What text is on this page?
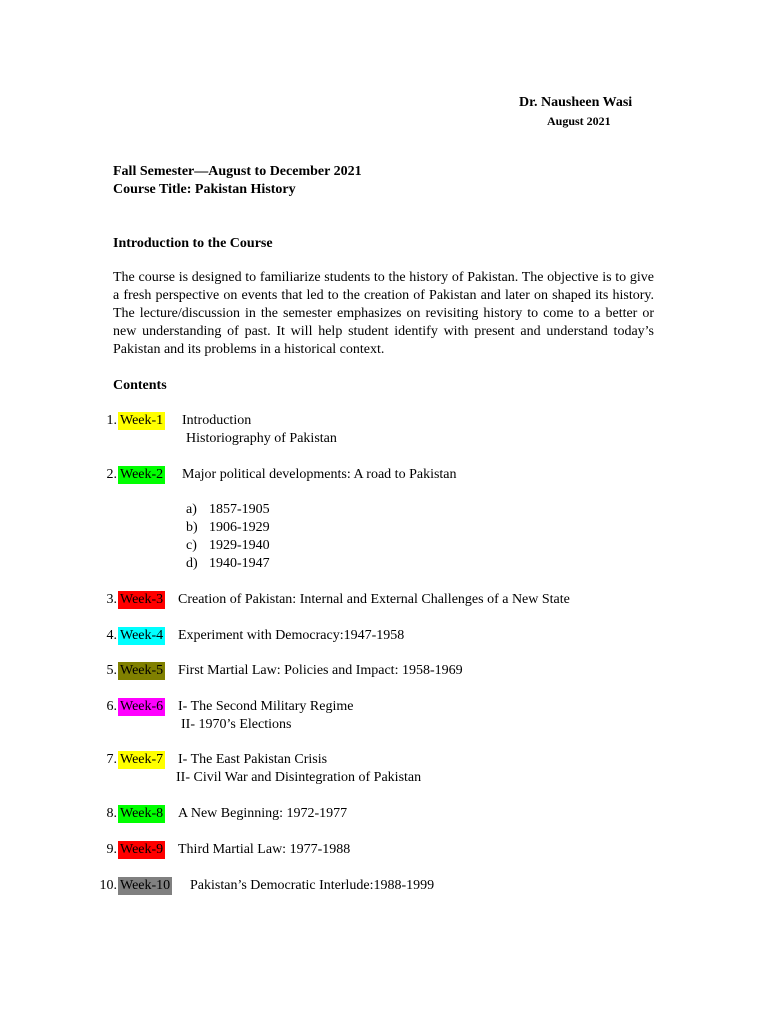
Dr. Nausheen Wasi
August 2021
Fall Semester—August to December 2021
Course Title: Pakistan History
Introduction to the Course
The course is designed to familiarize students to the history of Pakistan. The objective is to give a fresh perspective on events that led to the creation of Pakistan and later on shaped its history. The lecture/discussion in the semester emphasizes on revisiting history to come to a better or new understanding of past. It will help student identify with present and understand today’s Pakistan and its problems in a historical context.
Contents
1. Week-1 Introduction
Historiography of Pakistan
2. Week-2 Major political developments: A road to Pakistan
a) 1857-1905
b) 1906-1929
c) 1929-1940
d) 1940-1947
3. Week-3 Creation of Pakistan: Internal and External Challenges of a New State
4. Week-4 Experiment with Democracy:1947-1958
5. Week-5 First Martial Law: Policies and Impact: 1958-1969
6. Week-6 I- The Second Military Regime
II- 1970’s Elections
7. Week-7 I- The East Pakistan Crisis
II- Civil War and Disintegration of Pakistan
8. Week-8 A New Beginning: 1972-1977
9. Week-9 Third Martial Law: 1977-1988
10. Week-10 Pakistan’s Democratic Interlude:1988-1999
